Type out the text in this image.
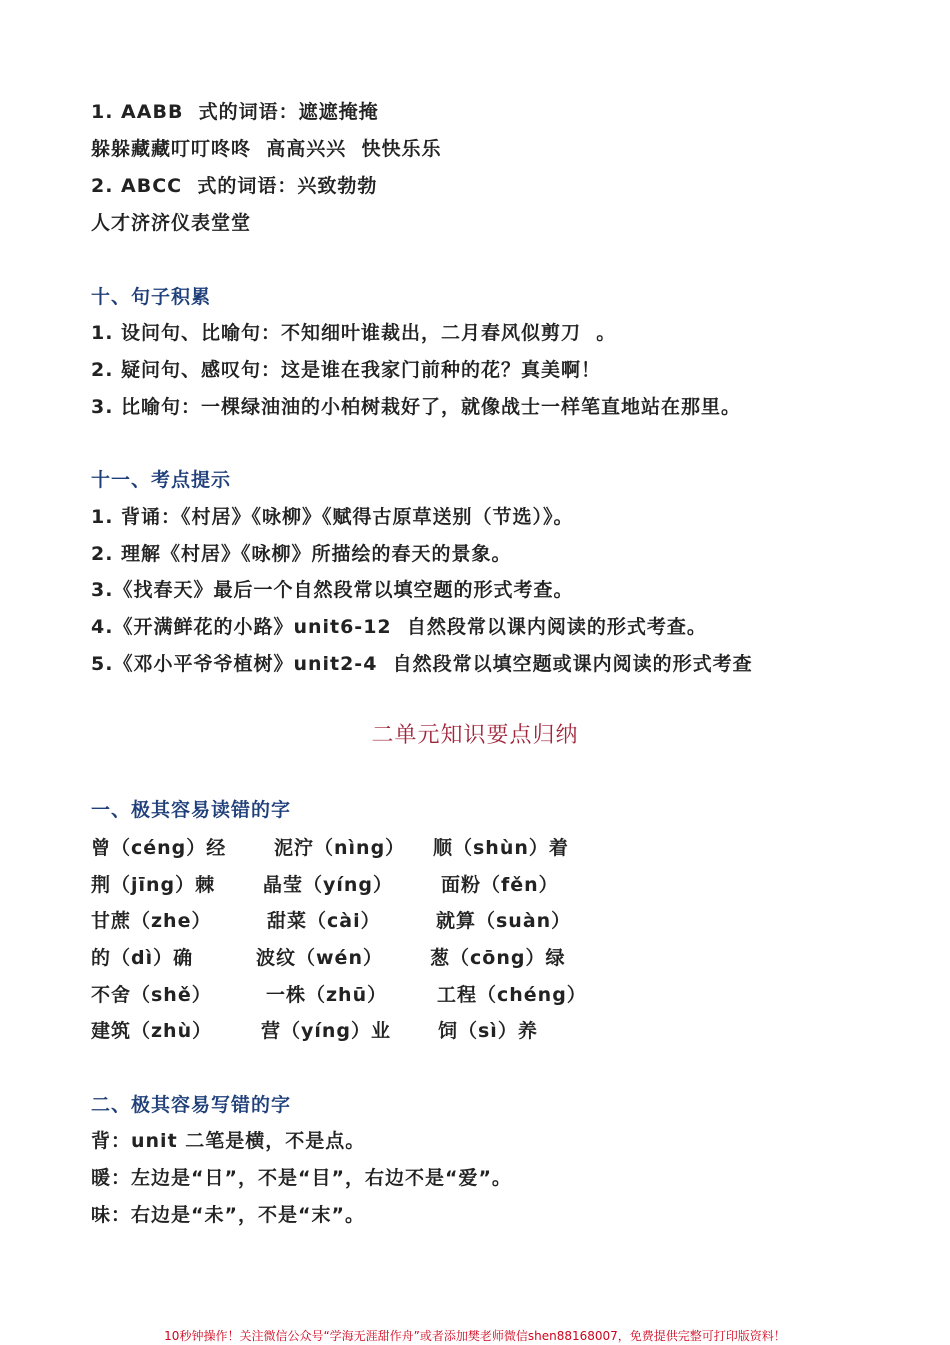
1. AABB  式的词语：遮遮掩掩
躲躲藏藏叮叮咚咚  高高兴兴  快快乐乐
2. ABCC  式的词语：兴致勃勃
人才济济仪表堂堂
十、句子积累
1. 设问句、比喻句：不知细叶谁裁出，二月春风似剪刀  。
2. 疑问句、感叹句：这是谁在我家门前种的花？真美啊！
3. 比喻句：一棵绿油油的小柏树栽好了，就像战士一样笔直地站在那里。
十一、考点提示
1. 背诵：《村居》《咏柳》《赋得古原草送别（节选）》。
2. 理解《村居》《咏柳》所描绘的春天的景象。
3.《找春天》最后一个自然段常以填空题的形式考查。
4.《开满鲜花的小路》unit6-12  自然段常以课内阅读的形式考查。
5.《邓小平爷爷植树》unit2-4  自然段常以填空题或课内阅读的形式考查
二单元知识要点归纳
一、极其容易读错的字
曾（céng）经	泥泞（nìng） 顺（shùn）着
荆（jīng）棘	晶莹（yíng）	面粉（fěn）
甘蔗（zhe）	甜菜（cài）	就算（suàn）
的（dì）确	波纹（wén） 葱（cōng）绿
不舍（shě）	一株（zhū）	工程（chéng）
建筑（zhù）	营（yíng）业 饲（sì）养
二、极其容易写错的字
背：unit 二笔是横，不是点。
暖：左边是“日”，不是“目”，右边不是“爱”。
味：右边是“未”，不是“末”。
10秒钟操作！关注微信公众号“学海无涯甜作舟”或者添加樊老师微信shen88168007，免费提供完整可打印版资料！
